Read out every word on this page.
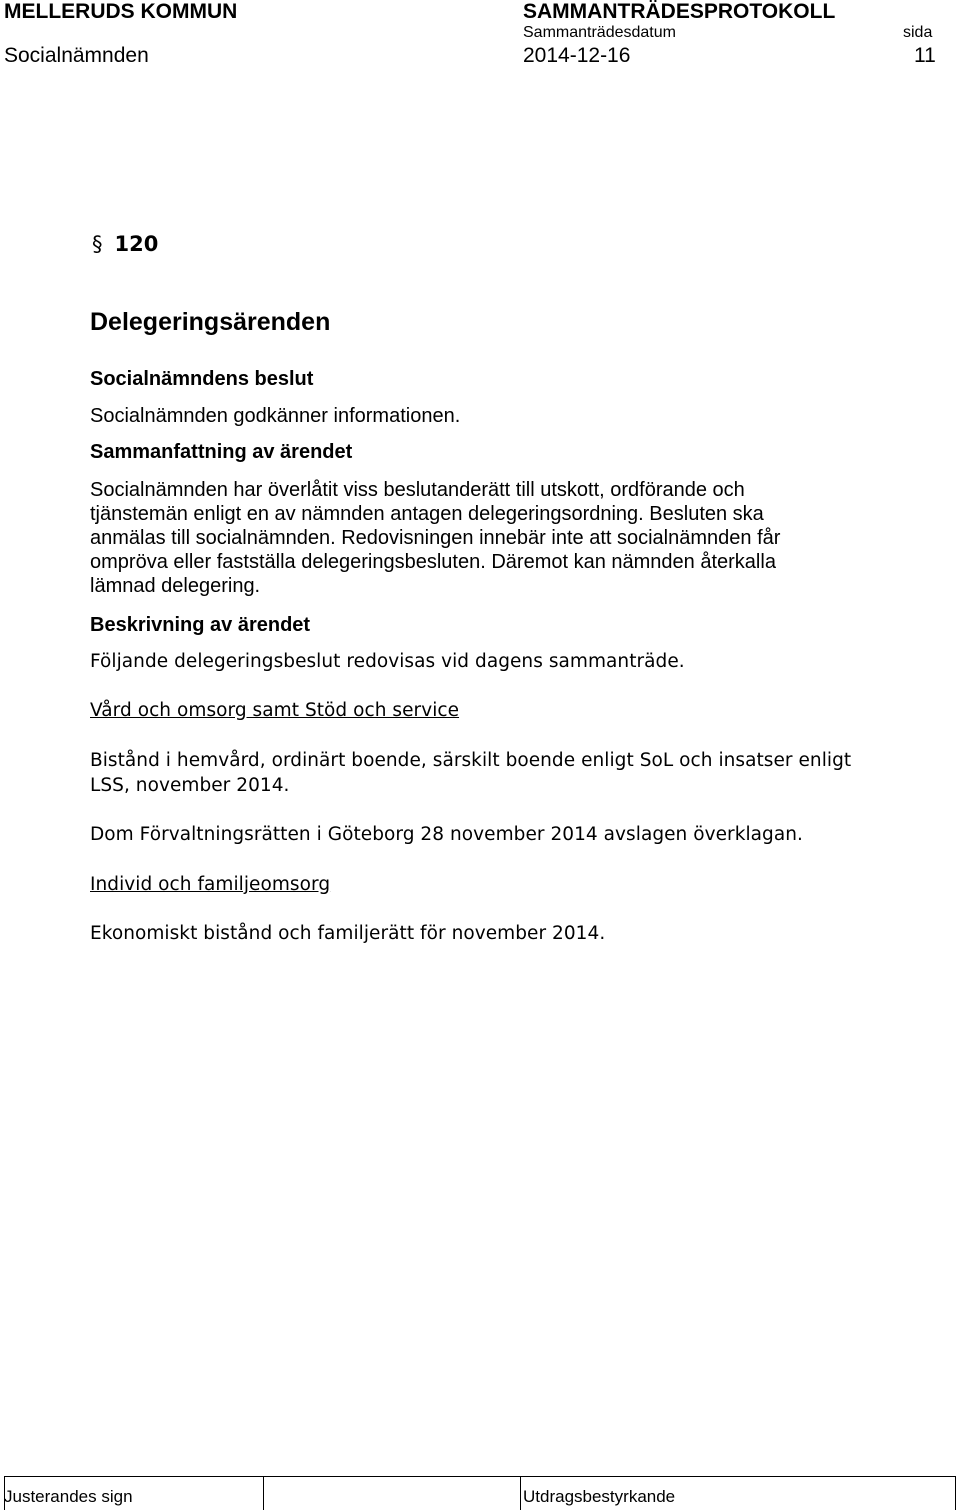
MELLERUDS KOMMUN	SAMMANTRÄDESPROTOKOLL
Sammanträdesdatum	sida
Socialnämnden	2014-12-16	11
§ 120
Delegeringsärenden
Socialnämndens beslut
Socialnämnden godkänner informationen.
Sammanfattning av ärendet
Socialnämnden har överlåtit viss beslutanderätt till utskott, ordförande och
tjänstemän enligt en av nämnden antagen delegeringsordning. Besluten ska
anmälas till socialnämnden. Redovisningen innebär inte att socialnämnden får
ompröva eller fastställa delegeringsbesluten. Däremot kan nämnden återkalla
lämnad delegering.
Beskrivning av ärendet
Följande delegeringsbeslut redovisas vid dagens sammanträde.
Vård och omsorg samt Stöd och service
Bistånd i hemvård, ordinärt boende, särskilt boende enligt SoL och insatser enligt
LSS, november 2014.
Dom Förvaltningsrätten i Göteborg 28 november 2014 avslagen överklagan.
Individ och familjeomsorg
Ekonomiskt bistånd och familjerätt för november 2014.
Justerandes sign	Utdragsbestyrkande
